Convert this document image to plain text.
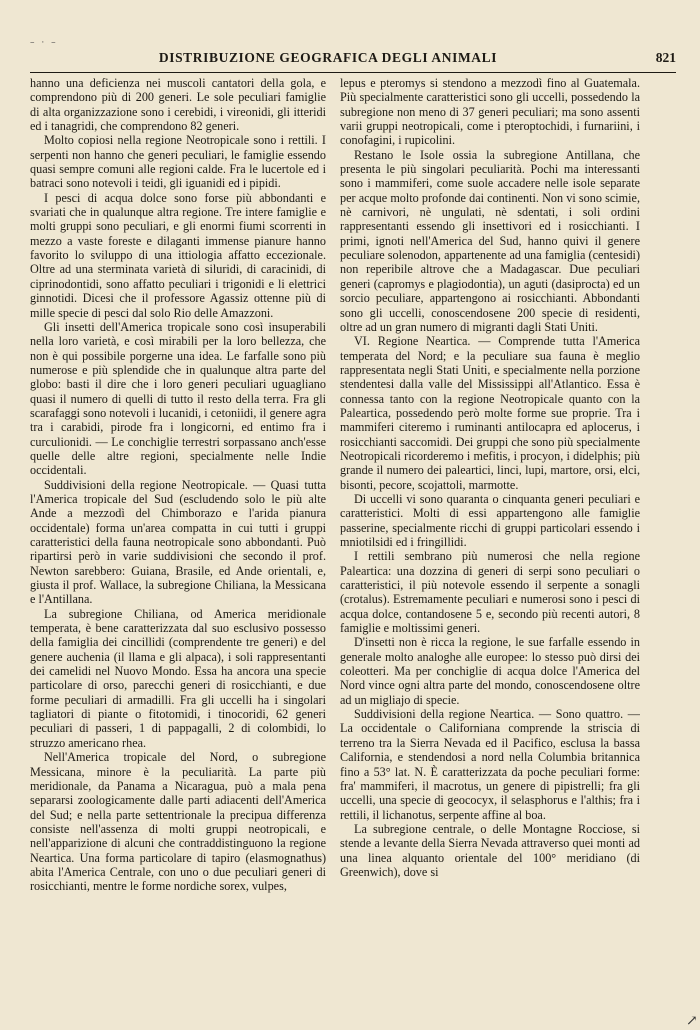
– · –
DISTRIBUZIONE GEOGRAFICA DEGLI ANIMALI	821

hanno una deficienza nei muscoli cantatori della gola, e comprendono più di 200 generi. Le sole peculiari famiglie di alta organizzazione sono i cerebidi, i vireonidi, gli itteridi ed i tanagridi, che comprendono 82 generi.

Molto copiosi nella regione Neotropicale sono i rettili. I serpenti non hanno che generi peculiari, le famiglie essendo quasi sempre comuni alle regioni calde. Fra le lucertole ed i batraci sono notevoli i teidi, gli iguanidi ed i pipidi.

I pesci di acqua dolce sono forse più abbondanti e svariati che in qualunque altra regione. Tre intere famiglie e molti gruppi sono peculiari, e gli enormi fiumi scorrenti in mezzo a vaste foreste e dilaganti immense pianure hanno favorito lo sviluppo di una ittiologia affatto eccezionale. Oltre ad una sterminata varietà di siluridi, di caracinidi, di ciprinodontidi, sono affatto peculiari i trigonidi e li elettrici ginnotidi. Dicesi che il professore Agassiz ottenne più di mille specie di pesci dal solo Rio delle Amazzoni.

Gli insetti dell'America tropicale sono così insuperabili nella loro varietà, e così mirabili per la loro bellezza, che non è qui possibile porgerne una idea. Le farfalle sono più numerose e più splendide che in qualunque altra parte del globo: basti il dire che i loro generi peculiari uguagliano quasi il numero di quelli di tutto il resto della terra. Fra gli scarafaggi sono notevoli i lucanidi, i cetoniidi, il genere agra tra i carabidi, pirode fra i longicorni, ed entimo fra i curculionidi. — Le conchiglie terrestri sorpassano anch'esse quelle delle altre regioni, specialmente nelle Indie occidentali.

Suddivisioni della regione Neotropicale. — Quasi tutta l'America tropicale del Sud (escludendo solo le più alte Ande a mezzodì del Chimborazo e l'arida pianura occidentale) forma un'area compatta in cui tutti i gruppi caratteristici della fauna neotropicale sono abbondanti. Può ripartirsi però in varie suddivisioni che secondo il prof. Newton sarebbero: Guiana, Brasile, ed Ande orientali, e, giusta il prof. Wallace, la subregione Chiliana, la Messicana e l'Antillana.

La subregione Chiliana, od America meridionale temperata, è bene caratterizzata dal suo esclusivo possesso della famiglia dei cincillidi (comprendente tre generi) e del genere auchenia (il llama e gli alpaca), i soli rappresentanti dei camelidi nel Nuovo Mondo. Essa ha ancora una specie particolare di orso, parecchi generi di rosicchianti, e due forme peculiari di armadilli. Fra gli uccelli ha i singolari tagliatori di piante o fitotomidi, i tinocoridi, 62 generi peculiari di passeri, 1 di pappagalli, 2 di colombidi, lo struzzo americano rhea.

Nell'America tropicale del Nord, o subregione Messicana, minore è la peculiarità. La parte più meridionale, da Panama a Nicaragua, può a mala pena separarsi zoologicamente dalle parti adiacenti dell'America del Sud; e nella parte settentrionale la precipua differenza consiste nell'assenza di molti gruppi neotropicali, e nell'apparizione di alcuni che contraddistinguono la regione Neartica. Una forma particolare di tapiro (elasmognathus) abita l'America Centrale, con uno o due peculiari generi di rosicchianti, mentre le forme nordiche sorex, vulpes,

lepus e pteromys si stendono a mezzodì fino al Guatemala. Più specialmente caratteristici sono gli uccelli, possedendo la subregione non meno di 37 generi peculiari; ma sono assenti varii gruppi neotropicali, come i pteroptochidi, i furnariini, i conofagini, i rupicolini.

Restano le Isole ossia la subregione Antillana, che presenta le più singolari peculiarità. Pochi ma interessanti sono i mammiferi, come suole accadere nelle isole separate per acque molto profonde dai continenti. Non vi sono scimie, nè carnivori, nè ungulati, nè sdentati, i soli ordini rappresentanti essendo gli insettivori ed i rosicchianti. I primi, ignoti nell'America del Sud, hanno quivi il genere peculiare solenodon, appartenente ad una famiglia (centesidi) non reperibile altrove che a Madagascar. Due peculiari generi (capromys e plagiodontia), un aguti (dasiprocta) ed un sorcio peculiare, appartengono ai rosicchianti. Abbondanti sono gli uccelli, conoscendosene 200 specie di residenti, oltre ad un gran numero di migranti dagli Stati Uniti.

VI. Regione Neartica. — Comprende tutta l'America temperata del Nord; e la peculiare sua fauna è meglio rappresentata negli Stati Uniti, e specialmente nella porzione stendentesi dalla valle del Mississippi all'Atlantico. Essa è connessa tanto con la regione Neotropicale quanto con la Paleartica, possedendo però molte forme sue proprie. Tra i mammiferi citeremo i ruminanti antilocapra ed aplocerus, i rosicchianti saccomidi. Dei gruppi che sono più specialmente Neotropicali ricorderemo i mefitis, i procyon, i didelphis; più grande il numero dei paleartici, linci, lupi, martore, orsi, elci, bisonti, pecore, scojattoli, marmotte.

Di uccelli vi sono quaranta o cinquanta generi peculiari e caratteristici. Molti di essi appartengono alle famiglie passerine, specialmente ricchi di gruppi particolari essendo i mniotilsidi ed i fringillidi.

I rettili sembrano più numerosi che nella regione Paleartica: una dozzina di generi di serpi sono peculiari o caratteristici, il più notevole essendo il serpente a sonagli (crotalus). Estremamente peculiari e numerosi sono i pesci di acqua dolce, contandosene 5 e, secondo più recenti autori, 8 famiglie e moltissimi generi.

D'insetti non è ricca la regione, le sue farfalle essendo in generale molto analoghe alle europee: lo stesso può dirsi dei coleotteri. Ma per conchiglie di acqua dolce l'America del Nord vince ogni altra parte del mondo, conoscendosene oltre ad un migliajo di specie.

Suddivisioni della regione Neartica. — Sono quattro. — La occidentale o Californiana comprende la striscia di terreno tra la Sierra Nevada ed il Pacifico, esclusa la bassa California, e stendendosi a nord nella Columbia britannica fino a 53° lat. N. È caratterizzata da poche peculiari forme: fra' mammiferi, il macrotus, un genere di pipistrelli; fra gli uccelli, una specie di geococyx, il selasphorus e l'althis; fra i rettili, il lichanotus, serpente affine al boa.

La subregione centrale, o delle Montagne Rocciose, si stende a levante della Sierra Nevada attraverso quei monti ad una linea alquanto orientale del 100° meridiano (di Greenwich), dove si

↗
